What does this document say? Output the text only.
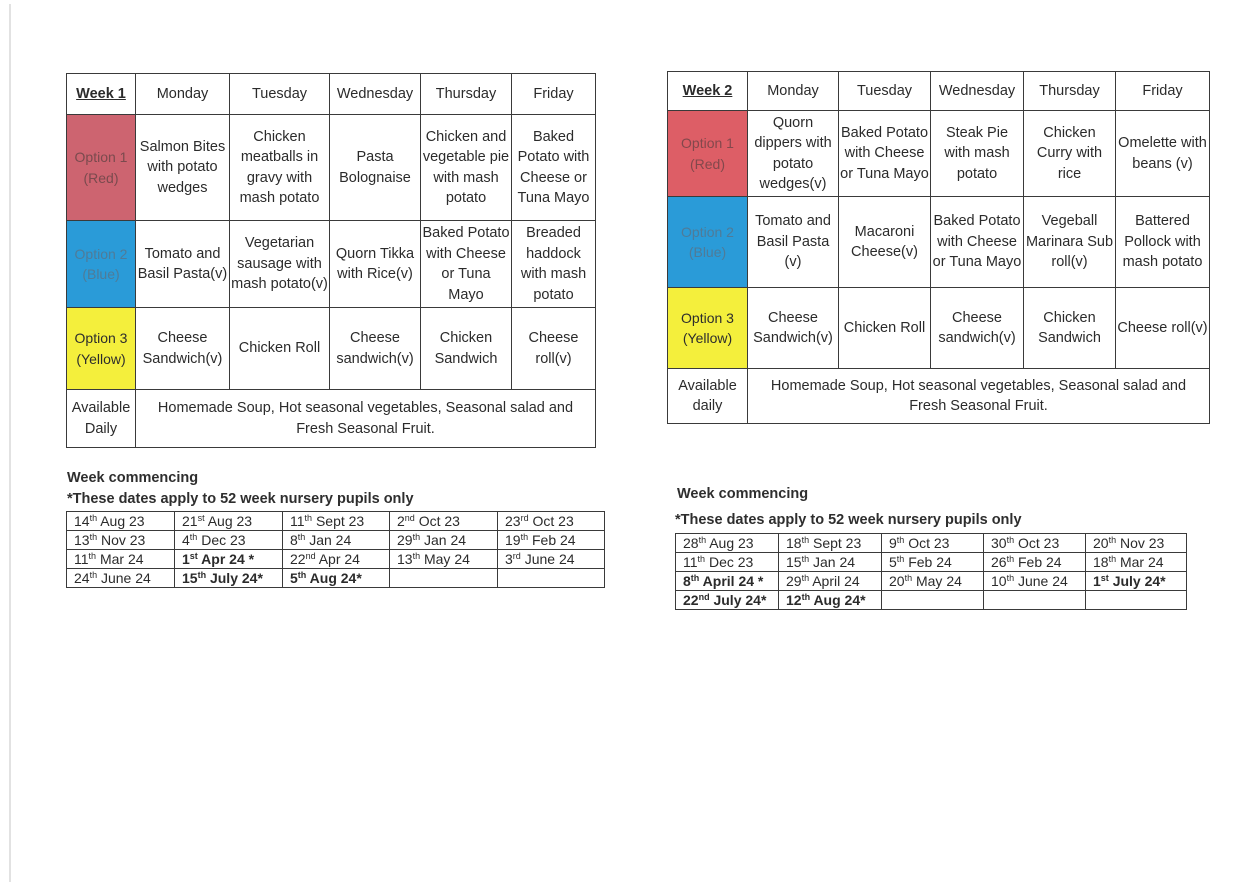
Week 1	Monday	Tuesday	Wednesday	Thursday	Friday
Option 1 (Red)	Salmon Bites with potato wedges	Chicken meatballs in gravy with mash potato	Pasta Bolognaise	Chicken and vegetable pie with mash potato	Baked Potato with Cheese or Tuna Mayo
Option 2 (Blue)	Tomato and Basil Pasta(v)	Vegetarian sausage with mash potato(v)	Quorn Tikka with Rice(v)	Baked Potato with Cheese or Tuna Mayo	Breaded haddock with mash potato
Option 3 (Yellow)	Cheese Sandwich(v)	Chicken Roll	Cheese sandwich(v)	Chicken Sandwich	Cheese roll(v)
Available Daily	Homemade Soup, Hot seasonal vegetables, Seasonal salad and Fresh Seasonal Fruit.				
Week commencing
*These dates apply to 52 week nursery pupils only
14th Aug 23	21st Aug 23	11th Sept 23	2nd Oct 23	23rd Oct 23
13th Nov 23	4th Dec 23	8th Jan 24	29th Jan 24	19th Feb 24
11th Mar 24	1st Apr 24 *	22nd Apr 24	13th May 24	3rd June 24
24th June 24	15th July 24*	5th Aug 24*		
Week 2	Monday	Tuesday	Wednesday	Thursday	Friday
Option 1 (Red)	Quorn dippers with potato wedges(v)	Baked Potato with Cheese or Tuna Mayo	Steak Pie with mash potato	Chicken Curry with rice	Omelette with beans (v)
Option 2 (Blue)	Tomato and Basil Pasta (v)	Macaroni Cheese(v)	Baked Potato with Cheese or Tuna Mayo	Vegeball Marinara Sub roll(v)	Battered Pollock with mash potato
Option 3 (Yellow)	Cheese Sandwich(v)	Chicken Roll	Cheese sandwich(v)	Chicken Sandwich	Cheese roll(v)
Available daily	Homemade Soup, Hot seasonal vegetables, Seasonal salad and Fresh Seasonal Fruit.				
Week commencing
*These dates apply to 52 week nursery pupils only
28th Aug 23	18th Sept 23	9th Oct 23	30th Oct 23	20th Nov 23
11th Dec 23	15th Jan 24	5th Feb 24	26th Feb 24	18th Mar 24
8th April 24 *	29th April 24	20th May 24	10th June 24	1st July 24*
22nd July 24*	12th Aug 24*			
